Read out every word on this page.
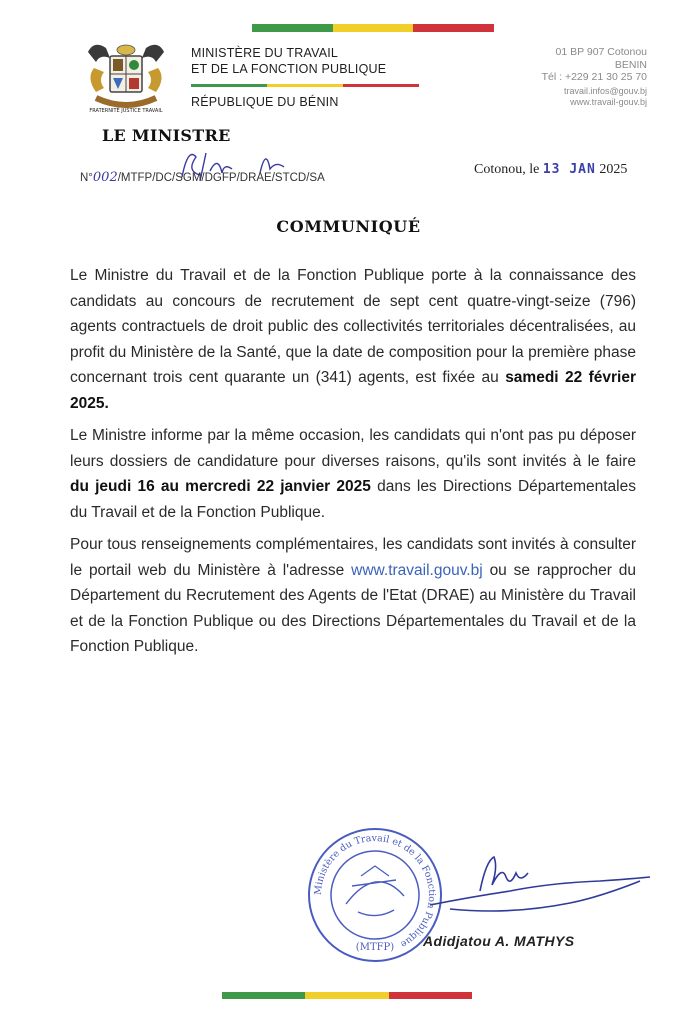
FRATERNITÉ JUSTICE TRAVAIL
MINISTÈRE DU TRAVAIL
ET DE LA FONCTION PUBLIQUE
RÉPUBLIQUE DU BÉNIN
01 BP 907 Cotonou
BENIN
Tél : +229 21 30 25 70
travail.infos@gouv.bj
www.travail-gouv.bj
LE MINISTRE
N°002/MTFP/DC/SGM/DGFP/DRAE/STCD/SA
Cotonou, le 13 JAN 2025
COMMUNIQUÉ

Le Ministre du Travail et de la Fonction Publique porte à la connaissance des candidats au concours de recrutement de sept cent quatre-vingt-seize (796) agents contractuels de droit public des collectivités territoriales décentralisées, au profit du Ministère de la Santé, que la date de composition pour la première phase concernant trois cent quarante un (341) agents, est fixée au samedi 22 février 2025.

Le Ministre informe par la même occasion, les candidats qui n'ont pas pu déposer leurs dossiers de candidature pour diverses raisons, qu'ils sont invités à le faire du jeudi 16 au mercredi 22 janvier 2025 dans les Directions Départementales du Travail et de la Fonction Publique.

Pour tous renseignements complémentaires, les candidats sont invités à consulter le portail web du Ministère à l'adresse www.travail.gouv.bj ou se rapprocher du Département du Recrutement des Agents de l'Etat (DRAE) au Ministère du Travail et de la Fonction Publique ou des Directions Départementales du Travail et de la Fonction Publique.

Ministère du Travail et de la Fonction Publique
(MTFP) Adidjatou A. MATHYS
